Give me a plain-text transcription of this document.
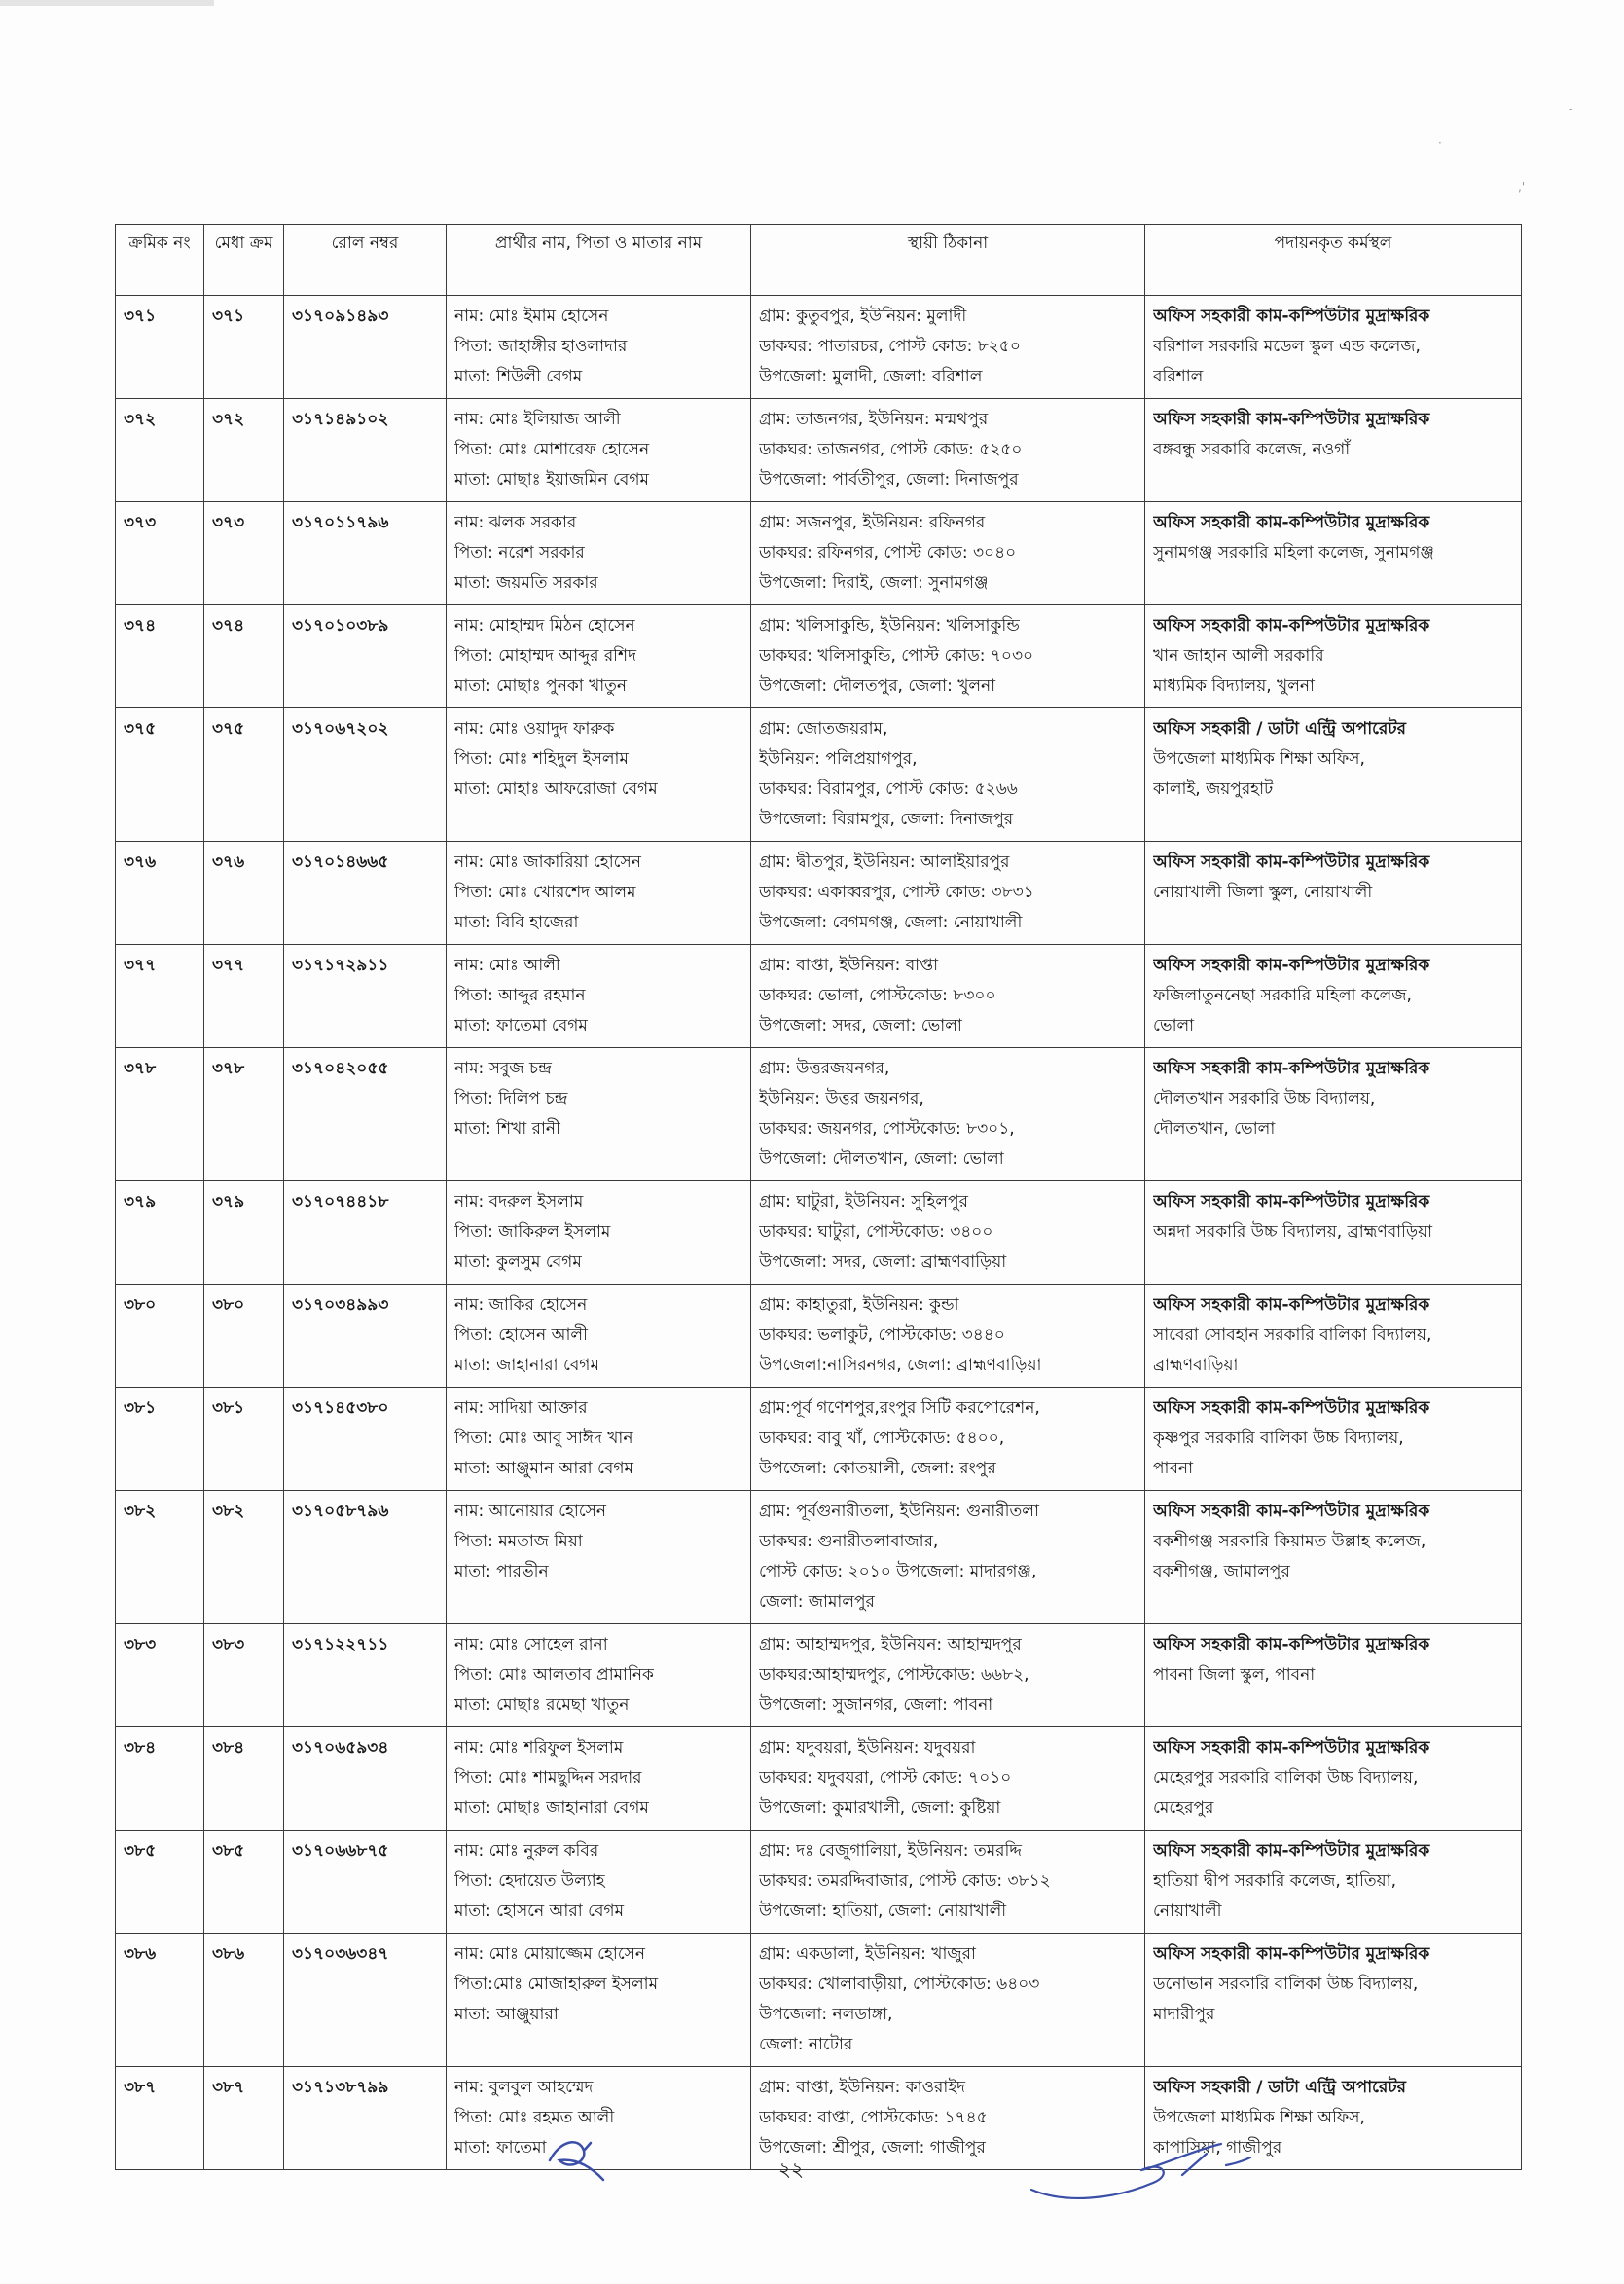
·
-
,'
ক্রমিক নং	মেধা ক্রম	রোল নম্বর	প্রার্থীর নাম, পিতা ও মাতার নাম	স্থায়ী ঠিকানা	পদায়নকৃত কর্মস্থল
৩৭১	৩৭১	৩১৭০৯১৪৯৩	নাম: মোঃ ইমাম হোসেন
পিতা: জাহাঙ্গীর হাওলাদার
মাতা: শিউলী বেগম	গ্রাম: কুতুবপুর, ইউনিয়ন: মুলাদী
ডাকঘর: পাতারচর, পোস্ট কোড: ৮২৫০
উপজেলা: মুলাদী, জেলা: বরিশাল	অফিস সহকারী কাম-কম্পিউটার মুদ্রাক্ষরিক
বরিশাল সরকারি মডেল স্কুল এন্ড কলেজ,
বরিশাল

৩৭২	৩৭২	৩১৭১৪৯১০২	নাম: মোঃ ইলিয়াজ আলী
পিতা: মোঃ মোশারেফ হোসেন
মাতা: মোছাঃ ইয়াজমিন বেগম	গ্রাম: তাজনগর, ইউনিয়ন: মন্মথপুর
ডাকঘর: তাজনগর, পোস্ট কোড: ৫২৫০
উপজেলা: পার্বতীপুর, জেলা: দিনাজপুর	অফিস সহকারী কাম-কম্পিউটার মুদ্রাক্ষরিক
বঙ্গবন্ধু সরকারি কলেজ, নওগাঁ

৩৭৩	৩৭৩	৩১৭০১১৭৯৬	নাম: ঝলক সরকার
পিতা: নরেশ সরকার
মাতা: জয়মতি সরকার	গ্রাম: সজনপুর, ইউনিয়ন: রফিনগর
ডাকঘর: রফিনগর, পোস্ট কোড: ৩০৪০
উপজেলা: দিরাই, জেলা: সুনামগঞ্জ	অফিস সহকারী কাম-কম্পিউটার মুদ্রাক্ষরিক
সুনামগঞ্জ সরকারি মহিলা কলেজ, সুনামগঞ্জ

৩৭৪	৩৭৪	৩১৭০১০৩৮৯	নাম: মোহাম্মদ মিঠন হোসেন
পিতা: মোহাম্মদ আব্দুর রশিদ
মাতা: মোছাঃ পুনকা খাতুন	গ্রাম: খলিসাকুন্ডি, ইউনিয়ন: খলিসাকুন্ডি
ডাকঘর: খলিসাকুন্ডি, পোস্ট কোড: ৭০৩০
উপজেলা: দৌলতপুর, জেলা: খুলনা	অফিস সহকারী কাম-কম্পিউটার মুদ্রাক্ষরিক
খান জাহান আলী সরকারি
মাধ্যমিক বিদ্যালয়, খুলনা

৩৭৫	৩৭৫	৩১৭০৬৭২০২	নাম: মোঃ ওয়াদুদ ফারুক
পিতা: মোঃ শহিদুল ইসলাম
মাতা: মোহাঃ আফরোজা বেগম	গ্রাম: জোতজয়রাম,
ইউনিয়ন: পলিপ্রয়াগপুর,
ডাকঘর: বিরামপুর, পোস্ট কোড: ৫২৬৬
উপজেলা: বিরামপুর, জেলা: দিনাজপুর	অফিস সহকারী / ডাটা এন্ট্রি অপারেটর
উপজেলা মাধ্যমিক শিক্ষা অফিস,
কালাই, জয়পুরহাট

৩৭৬	৩৭৬	৩১৭০১৪৬৬৫	নাম: মোঃ জাকারিয়া হোসেন
পিতা: মোঃ খোরশেদ আলম
মাতা: বিবি হাজেরা	গ্রাম: দ্বীতপুর, ইউনিয়ন: আলাইয়ারপুর
ডাকঘর: একাব্বরপুর, পোস্ট কোড: ৩৮৩১
উপজেলা: বেগমগঞ্জ, জেলা: নোয়াখালী	অফিস সহকারী কাম-কম্পিউটার মুদ্রাক্ষরিক
নোয়াখালী জিলা স্কুল, নোয়াখালী

৩৭৭	৩৭৭	৩১৭১৭২৯১১	নাম: মোঃ আলী
পিতা: আব্দুর রহমান
মাতা: ফাতেমা বেগম	গ্রাম: বাপ্তা, ইউনিয়ন: বাপ্তা
ডাকঘর: ভোলা, পোস্টকোড: ৮৩০০
উপজেলা: সদর, জেলা: ভোলা	অফিস সহকারী কাম-কম্পিউটার মুদ্রাক্ষরিক
ফজিলাতুননেছা সরকারি মহিলা কলেজ,
ভোলা

৩৭৮	৩৭৮	৩১৭০৪২০৫৫	নাম: সবুজ চন্দ্র
পিতা: দিলিপ চন্দ্র
মাতা: শিখা রানী	গ্রাম: উত্তরজয়নগর,
ইউনিয়ন: উত্তর জয়নগর,
ডাকঘর: জয়নগর, পোস্টকোড: ৮৩০১,
উপজেলা: দৌলতখান, জেলা: ভোলা	অফিস সহকারী কাম-কম্পিউটার মুদ্রাক্ষরিক
দৌলতখান সরকারি উচ্চ বিদ্যালয়,
দৌলতখান, ভোলা

৩৭৯	৩৭৯	৩১৭০৭৪৪১৮	নাম: বদরুল ইসলাম
পিতা: জাকিরুল ইসলাম
মাতা: কুলসুম বেগম	গ্রাম: ঘাটুরা, ইউনিয়ন: সুহিলপুর
ডাকঘর: ঘাটুরা, পোস্টকোড: ৩৪০০
উপজেলা: সদর, জেলা: ব্রাহ্মণবাড়িয়া	অফিস সহকারী কাম-কম্পিউটার মুদ্রাক্ষরিক
অন্নদা সরকারি উচ্চ বিদ্যালয়, ব্রাহ্মণবাড়িয়া

৩৮০	৩৮০	৩১৭০৩৪৯৯৩	নাম: জাকির হোসেন
পিতা: হোসেন আলী
মাতা: জাহানারা বেগম	গ্রাম: কাহাতুরা, ইউনিয়ন: কুন্ডা
ডাকঘর: ভলাকুট, পোস্টকোড: ৩৪৪০
উপজেলা:নাসিরনগর, জেলা: ব্রাহ্মণবাড়িয়া	অফিস সহকারী কাম-কম্পিউটার মুদ্রাক্ষরিক
সাবেরা সোবহান সরকারি বালিকা বিদ্যালয়,
ব্রাহ্মণবাড়িয়া

৩৮১	৩৮১	৩১৭১৪৫৩৮০	নাম: সাদিয়া আক্তার
পিতা: মোঃ আবু সাঈদ খান
মাতা: আঞ্জুমান আরা বেগম	গ্রাম:পূর্ব গণেশপুর,রংপুর সিটি করপোরেশন,
ডাকঘর: বাবু খাঁ, পোস্টকোড: ৫৪০০,
উপজেলা: কোতয়ালী, জেলা: রংপুর	অফিস সহকারী কাম-কম্পিউটার মুদ্রাক্ষরিক
কৃষ্ণপুর সরকারি বালিকা উচ্চ বিদ্যালয়,
পাবনা

৩৮২	৩৮২	৩১৭০৫৮৭৯৬	নাম: আনোয়ার হোসেন
পিতা: মমতাজ মিয়া
মাতা: পারভীন	গ্রাম: পূর্বগুনারীতলা, ইউনিয়ন: গুনারীতলা
ডাকঘর: গুনারীতলাবাজার,
পোস্ট কোড: ২০১০ উপজেলা: মাদারগঞ্জ,
জেলা: জামালপুর	অফিস সহকারী কাম-কম্পিউটার মুদ্রাক্ষরিক
বকশীগঞ্জ সরকারি কিয়ামত উল্লাহ কলেজ,
বকশীগঞ্জ, জামালপুর

৩৮৩	৩৮৩	৩১৭১২২৭১১	নাম: মোঃ সোহেল রানা
পিতা: মোঃ আলতাব প্রামানিক
মাতা: মোছাঃ রমেছা খাতুন	গ্রাম: আহাম্মদপুর, ইউনিয়ন: আহাম্মদপুর
ডাকঘর:আহাম্মদপুর, পোস্টকোড: ৬৬৮২,
উপজেলা: সুজানগর, জেলা: পাবনা	অফিস সহকারী কাম-কম্পিউটার মুদ্রাক্ষরিক
পাবনা জিলা স্কুল, পাবনা

৩৮৪	৩৮৪	৩১৭০৬৫৯৩৪	নাম: মোঃ শরিফুল ইসলাম
পিতা: মোঃ শামছুদ্দিন সরদার
মাতা: মোছাঃ জাহানারা বেগম	গ্রাম: যদুবয়রা, ইউনিয়ন: যদুবয়রা
ডাকঘর: যদুবয়রা, পোস্ট কোড: ৭০১০
উপজেলা: কুমারখালী, জেলা: কুষ্টিয়া	অফিস সহকারী কাম-কম্পিউটার মুদ্রাক্ষরিক
মেহেরপুর সরকারি বালিকা উচ্চ বিদ্যালয়,
মেহেরপুর

৩৮৫	৩৮৫	৩১৭০৬৬৮৭৫	নাম: মোঃ নুরুল কবির
পিতা: হেদায়েত উল্যাহ
মাতা: হোসনে আরা বেগম	গ্রাম: দঃ বেজুগালিয়া, ইউনিয়ন: তমরদ্দি
ডাকঘর: তমরদ্দিবাজার, পোস্ট কোড: ৩৮১২
উপজেলা: হাতিয়া, জেলা: নোয়াখালী	অফিস সহকারী কাম-কম্পিউটার মুদ্রাক্ষরিক
হাতিয়া দ্বীপ সরকারি কলেজ, হাতিয়া,
নোয়াখালী

৩৮৬	৩৮৬	৩১৭০৩৬৩৪৭	নাম: মোঃ মোয়াজ্জেম হোসেন
পিতা:মোঃ মোজাহারুল ইসলাম
মাতা: আঞ্জুয়ারা	গ্রাম: একডালা, ইউনিয়ন: খাজুরা
ডাকঘর: খোলাবাড়ীয়া, পোস্টকোড: ৬৪০৩
উপজেলা: নলডাঙ্গা,
জেলা: নাটোর	অফিস সহকারী কাম-কম্পিউটার মুদ্রাক্ষরিক
ডনোভান সরকারি বালিকা উচ্চ বিদ্যালয়,
মাদারীপুর

৩৮৭	৩৮৭	৩১৭১৩৮৭৯৯	নাম: বুলবুল আহম্মেদ
পিতা: মোঃ রহমত আলী
মাতা: ফাতেমা	গ্রাম: বাপ্তা, ইউনিয়ন: কাওরাইদ
ডাকঘর: বাপ্তা, পোস্টকোড: ১৭৪৫
উপজেলা: শ্রীপুর, জেলা: গাজীপুর	অফিস সহকারী / ডাটা এন্ট্রি অপারেটর
উপজেলা মাধ্যমিক শিক্ষা অফিস,
কাপাসিয়া, গাজীপুর
২২
